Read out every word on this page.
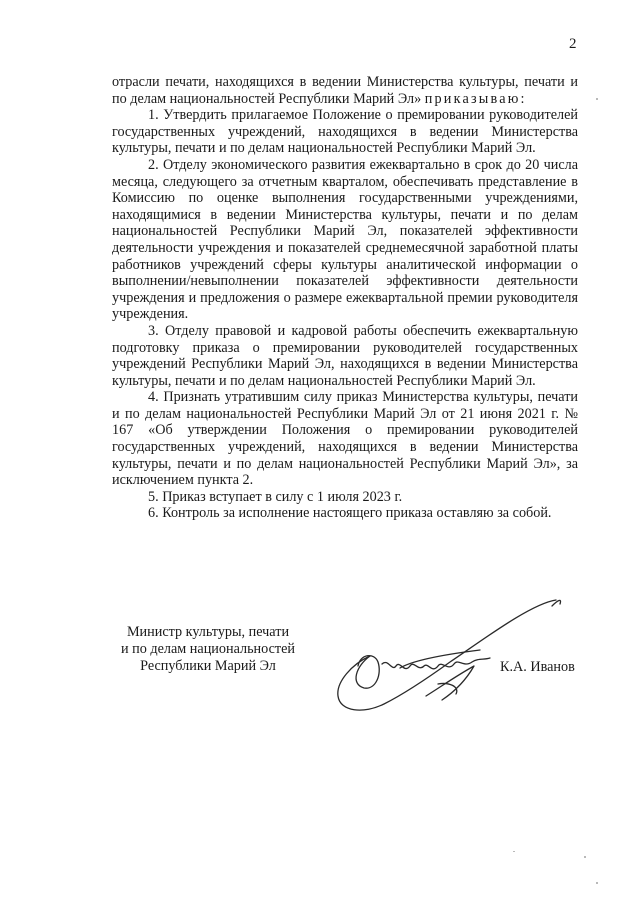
2

отрасли печати, находящихся в ведении Министерства культуры, печати и по делам национальностей Республики Марий Эл» приказываю:

1. Утвердить прилагаемое Положение о премировании руководителей государственных учреждений, находящихся в ведении Министерства культуры, печати и по делам национальностей Республики Марий Эл.

2. Отделу экономического развития ежеквартально в срок до 20 числа месяца, следующего за отчетным кварталом, обеспечивать представление в Комиссию по оценке выполнения государственными учреждениями, находящимися в ведении Министерства культуры, печати и по делам национальностей Республики Марий Эл, показателей эффективности деятельности учреждения и показателей среднемесячной заработной платы работников учреждений сферы культуры аналитической информации о выполнении/невыполнении показателей эффективности деятельности учреждения и предложения о размере ежеквартальной премии руководителя учреждения.

3. Отделу правовой и кадровой работы обеспечить ежеквартальную подготовку приказа о премировании руководителей государственных учреждений Республики Марий Эл, находящихся в ведении Министерства культуры, печати и по делам национальностей Республики Марий Эл.

4. Признать утратившим силу приказ Министерства культуры, печати и по делам национальностей Республики Марий Эл от 21 июня 2021 г. № 167 «Об утверждении Положения о премировании руководителей государственных учреждений, находящихся в ведении Министерства культуры, печати и по делам национальностей Республики Марий Эл», за исключением пункта 2.

5. Приказ вступает в силу с 1 июля 2023 г.

6. Контроль за исполнение настоящего приказа оставляю за собой.

Министр культуры, печати
и по делам национальностей
Республики Марий Эл	К.А. Иванов
